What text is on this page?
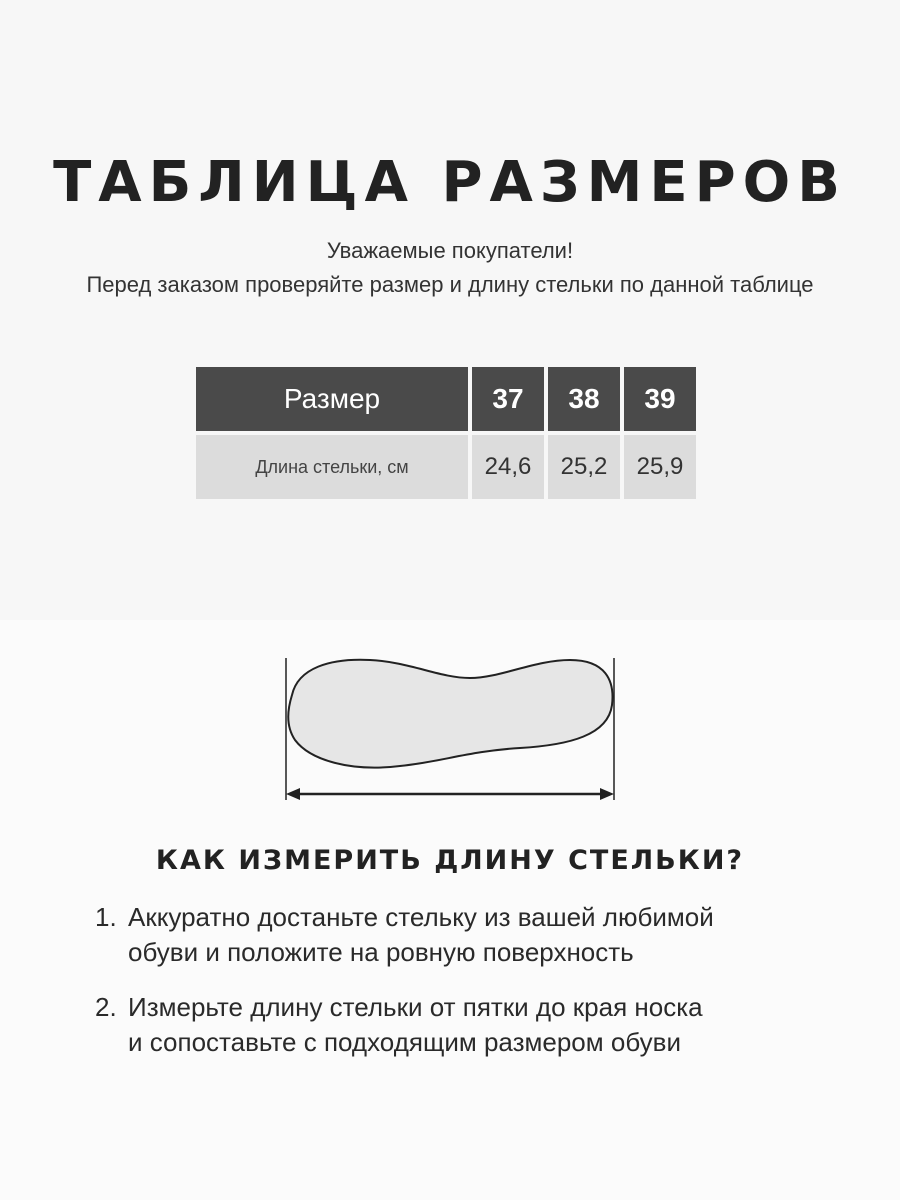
ТАБЛИЦА РАЗМЕРОВ
Уважаемые покупатели!
Перед заказом проверяйте размер и длину стельки по данной таблице
Размер	37	38	39
Длина стельки, см	24,6	25,2	25,9
КАК ИЗМЕРИТЬ ДЛИНУ СТЕЛЬКИ?
1. Аккуратно достаньте стельку из вашей любимой
обуви и положите на ровную поверхность
2. Измерьте длину стельки от пятки до края носка
и сопоставьте с подходящим размером обуви
